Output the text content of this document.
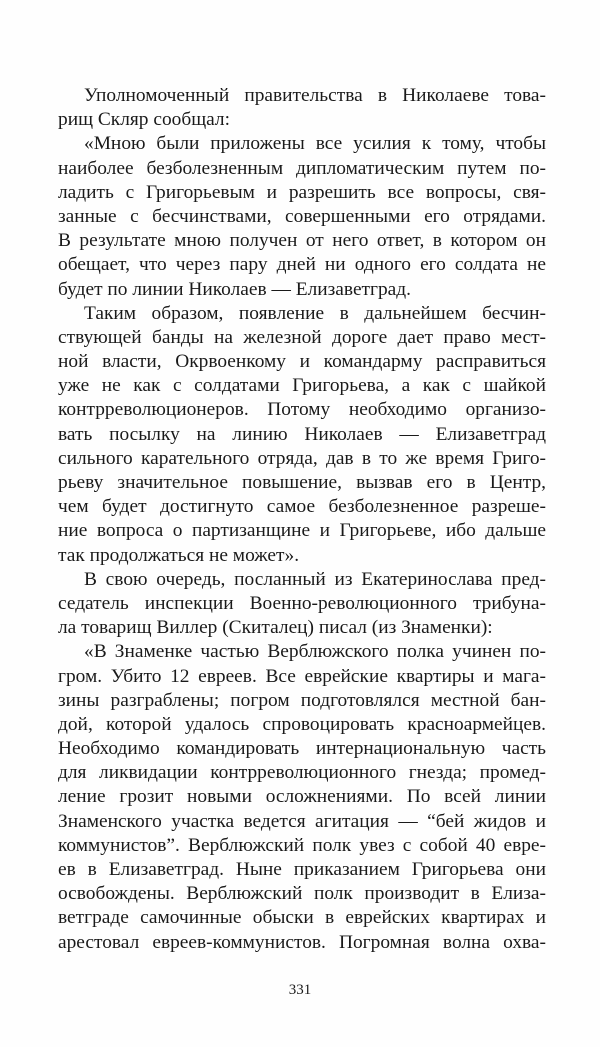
Уполномоченный правительства в Николаеве това-
рищ Скляр сообщал:
«Мною были приложены все усилия к тому, чтобы
наиболее безболезненным дипломатическим путем по-
ладить с Григорьевым и разрешить все вопросы, свя-
занные с бесчинствами, совершенными его отрядами.
В результате мною получен от него ответ, в котором он
обещает, что через пару дней ни одного его солдата не
будет по линии Николаев — Елизаветград.
Таким образом, появление в дальнейшем бесчин-
ствующей банды на железной дороге дает право мест-
ной власти, Окрвоенкому и командарму расправиться
уже не как с солдатами Григорьева, а как с шайкой
контрреволюционеров. Потому необходимо организо-
вать посылку на линию Николаев — Елизаветград
сильного карательного отряда, дав в то же время Григо-
рьеву значительное повышение, вызвав его в Центр,
чем будет достигнуто самое безболезненное разреше-
ние вопроса о партизанщине и Григорьеве, ибо дальше
так продолжаться не может».
В свою очередь, посланный из Екатеринослава пред-
седатель инспекции Военно-революционного трибуна-
ла товарищ Виллер (Скиталец) писал (из Знаменки):
«В Знаменке частью Верблюжского полка учинен по-
гром. Убито 12 евреев. Все еврейские квартиры и мага-
зины разграблены; погром подготовлялся местной бан-
дой, которой удалось спровоцировать красноармейцев.
Необходимо командировать интернациональную часть
для ликвидации контрреволюционного гнезда; промед-
ление грозит новыми осложнениями. По всей линии
Знаменского участка ведется агитация — “бей жидов и
коммунистов”. Верблюжский полк увез с собой 40 евре-
ев в Елизаветград. Ныне приказанием Григорьева они
освобождены. Верблюжский полк производит в Елиза-
ветграде самочинные обыски в еврейских квартирах и
арестовал евреев-коммунистов. Погромная волна охва-
331
